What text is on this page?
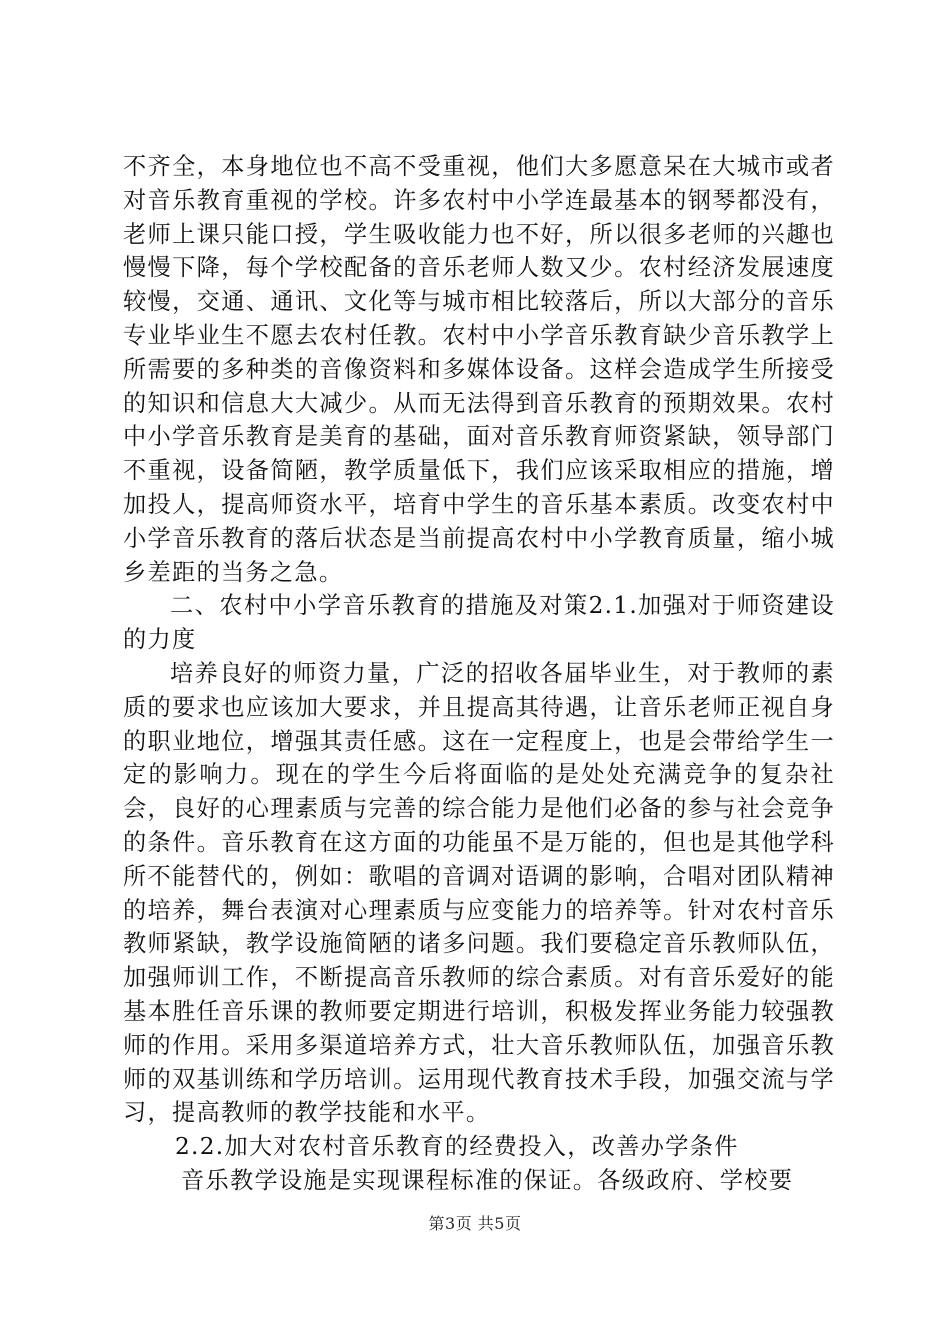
不齐全，本身地位也不高不受重视，他们大多愿意呆在大城市或者对音乐教育重视的学校。许多农村中小学连最基本的钢琴都没有，老师上课只能口授，学生吸收能力也不好，所以很多老师的兴趣也慢慢下降，每个学校配备的音乐老师人数又少。农村经济发展速度较慢，交通、通讯、文化等与城市相比较落后，所以大部分的音乐专业毕业生不愿去农村任教。农村中小学音乐教育缺少音乐教学上所需要的多种类的音像资料和多媒体设备。这样会造成学生所接受的知识和信息大大减少。从而无法得到音乐教育的预期效果。农村中小学音乐教育是美育的基础，面对音乐教育师资紧缺，领导部门不重视，设备简陋，教学质量低下，我们应该采取相应的措施，增加投人，提高师资水平，培育中学生的音乐基本素质。改变农村中小学音乐教育的落后状态是当前提高农村中小学教育质量，缩小城乡差距的当务之急。

二、农村中小学音乐教育的措施及对策2.1.加强对于师资建设的力度

培养良好的师资力量，广泛的招收各届毕业生，对于教师的素质的要求也应该加大要求，并且提高其待遇，让音乐老师正视自身的职业地位，增强其责任感。这在一定程度上，也是会带给学生一定的影响力。现在的学生今后将面临的是处处充满竞争的复杂社会，良好的心理素质与完善的综合能力是他们必备的参与社会竞争的条件。音乐教育在这方面的功能虽不是万能的，但也是其他学科所不能替代的，例如：歌唱的音调对语调的影响，合唱对团队精神的培养，舞台表演对心理素质与应变能力的培养等。针对农村音乐教师紧缺，教学设施简陋的诸多问题。我们要稳定音乐教师队伍，加强师训工作，不断提高音乐教师的综合素质。对有音乐爱好的能基本胜任音乐课的教师要定期进行培训，积极发挥业务能力较强教师的作用。采用多渠道培养方式，壮大音乐教师队伍，加强音乐教师的双基训练和学历培训。运用现代教育技术手段，加强交流与学习，提高教师的教学技能和水平。

2.2.加大对农村音乐教育的经费投入，改善办学条件

音乐教学设施是实现课程标准的保证。各级政府、学校要

第3页 共5页
